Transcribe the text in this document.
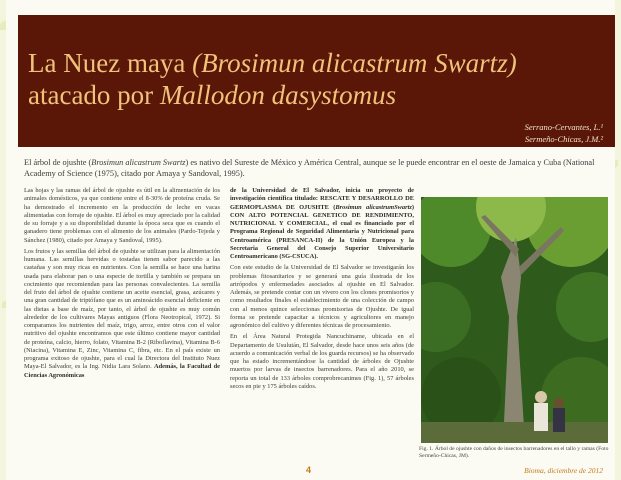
La Nuez maya (Brosimun alicastrum Swartz)
atacado por Mallodon dasystomus
Serrano-Cervantes, L.¹
Sermeño-Chicas, J.M.²

El árbol de ojushte (Brosimun alicastrum Swartz) es nativo del Sureste de México y América Central, aunque se le puede encontrar en el oeste de Jamaica y Cuba (National Academy of Science (1975), citado por Amaya y Sandoval, 1995).

Las hojas y las ramas del árbol de ojushte es útil en la alimentación de los animales domésticos, ya que contiene entre el 8-30% de proteína cruda. Se ha demostrado el incremento en la producción de leche en vacas alimentadas con forraje de ojushte. El árbol es muy apreciado por la calidad de su forraje y a su disponibilidad durante la época seca que es cuando el ganadero tiene problemas con el alimento de los animales (Pardo-Tejeda y Sánchez (1980), citado por Amaya y Sandoval, 1995).

Los frutos y las semillas del árbol de ojushte se utilizan para la alimentación humana. Las semillas hervidas o tostadas tienen sabor parecido a las castañas y son muy ricas en nutrientes. Con la semilla se hace una harina usada para elaborar pan o una especie de tortilla y también se prepara un cocimiento que recomiendan para las personas convalecientes. La semilla del fruto del árbol de ojushte contiene un aceite esencial, grasa, azúcares y una gran cantidad de triptófano que es un aminoácido esencial deficiente en las dietas a base de maíz, por tanto, el árbol de ojushte es muy común alrededor de los cultivares Mayas antiguos (Flora Neotropical, 1972). Si comparamos los nutrientes del maíz, trigo, arroz, entre otros con el valor nutritivo del ojushte encontramos que este último contiene mayor cantidad de proteína, calcio, hierro, folato, Vitamina B-2 (Riboflavina), Vitamina B-6 (Niacina), Vitamina E, Zinc, Vitamina C, fibra, etc. En el país existe un programa exitoso de ojushte, para el cual la Directora del Instituto Nuez Maya-El Salvador, es la Ing. Nidia Lara Solano. Además, la Facultad de Ciencias Agronómicas

de la Universidad de El Salvador, inicia un proyecto de investigación científica titulado: RESCATE Y DESARROLLO DE GERMOPLASMA DE OJUSHTE (Brosimun alicastrumSwartz) CON ALTO POTENCIAL GENETICO DE RENDIMIENTO, NUTRICIONAL Y COMERCIAL, el cual es financiado por el Programa Regional de Seguridad Alimentaria y Nutricional para Centroamérica (PRESANCA-II) de la Unión Europea y la Secretaria General del Consejo Superior Universitario Centroamericano (SG-CSUCA).

Con este estudio de la Universidad de El Salvador se investigarán los problemas fitosanitarios y se generará una guía ilustrada de los artrópodos y enfermedades asociados al ojushte en El Salvador. Además, se pretende contar con un vivero con los clones promisorios y como resultados finales el establecimiento de una colección de campo con al menos quince seleccionas promisorias de Ojushte. De igual forma se pretende capacitar a técnicos y agricultores en manejo agronómico del cultivo y diferentes técnicas de procesamiento.

En el Área Natural Protegida Nancuchiname, ubicada en el Departamento de Usulután, El Salvador, desde hace unos seis años (de acuerdo a comunicación verbal de los guarda recursos) se ha observado que ha estado incrementándose la cantidad de árboles de Ojushte muertos por larvas de insectos barrenadores. Para el año 2010, se reporta un total de 133 árboles comprobrecanimes (Fig. 1), 57 árboles secos en pie y 175 árboles caídos.

Fig. 1. Árbol de ojushte con daños de insectos barrenadores en el tallo y ramas (Foto Sermeño-Chicas, JM).
4	Bioma, diciembre de 2012
